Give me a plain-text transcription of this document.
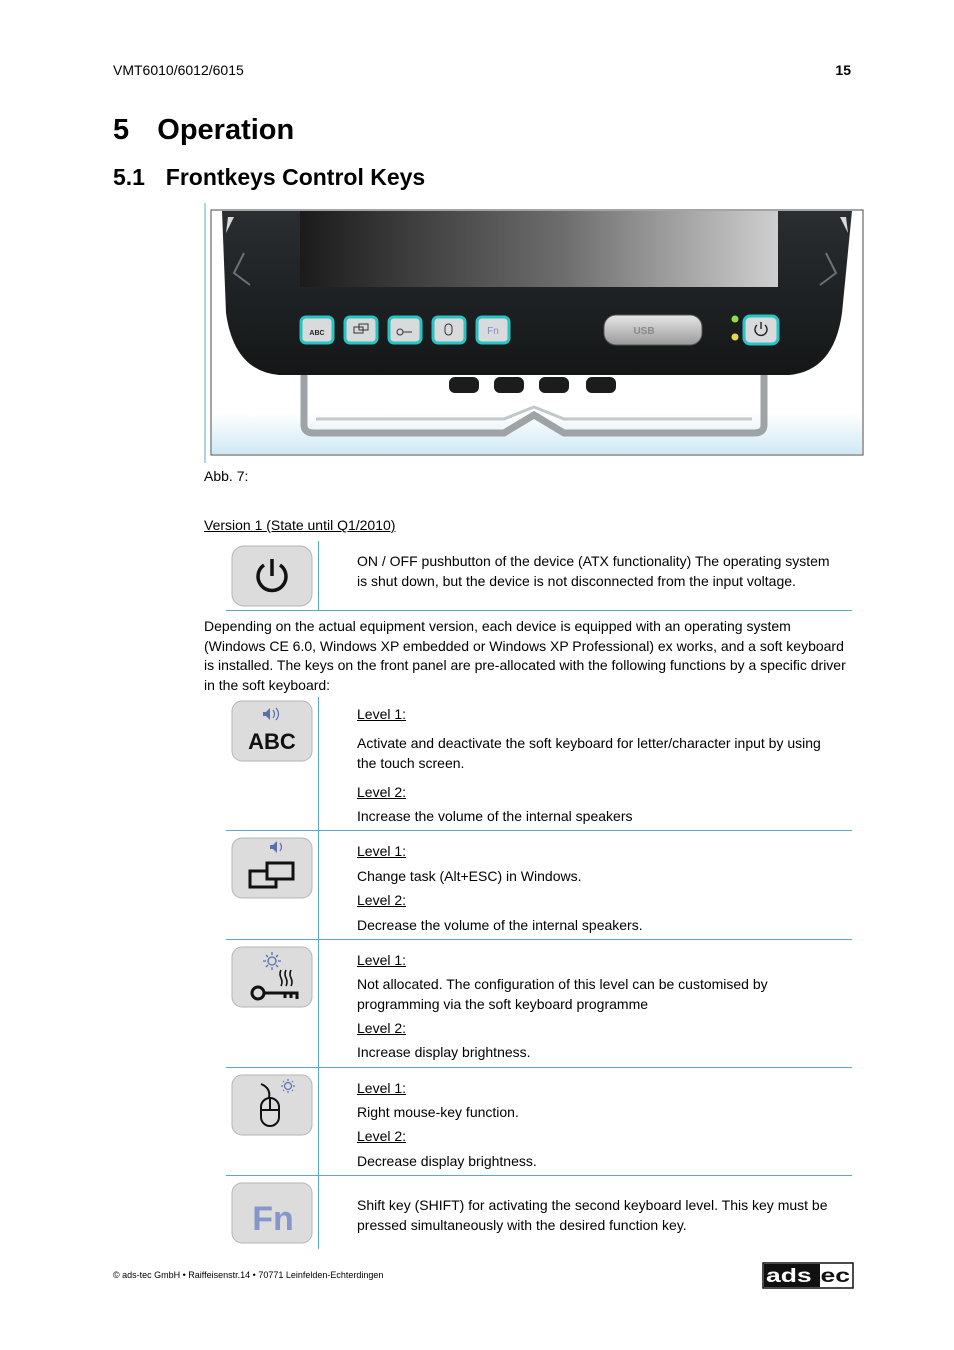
VMT6010/6012/6015	15
5 Operation
5.1 Frontkeys Control Keys
ABC	Fn	USB
Abb. 7:
Version 1 (State until Q1/2010)
ON / OFF pushbutton of the device (ATX functionality) The operating system is shut down, but the device is not disconnected from the input voltage.
Depending on the actual equipment version, each device is equipped with an operating system (Windows CE 6.0, Windows XP embedded or Windows XP Professional) ex works, and a soft keyboard is installed. The keys on the front panel are pre-allocated with the following functions by a specific driver in the soft keyboard:
ABC
Level 1:
Activate and deactivate the soft keyboard for letter/character input by using the touch screen.
Level 2:
Increase the volume of the internal speakers
Level 1:
Change task (Alt+ESC) in Windows.
Level 2:
Decrease the volume of the internal speakers.
Level 1:
Not allocated. The configuration of this level can be customised by programming via the soft keyboard programme
Level 2:
Increase display brightness.
Level 1:
Right mouse-key function.
Level 2:
Decrease display brightness.
Fn	Shift key (SHIFT) for activating the second keyboard level. This key must be pressed simultaneously with the desired function key.
© ads-tec GmbH • Raiffeisenstr.14 • 70771 Leinfelden-Echterdingen	ads tec
